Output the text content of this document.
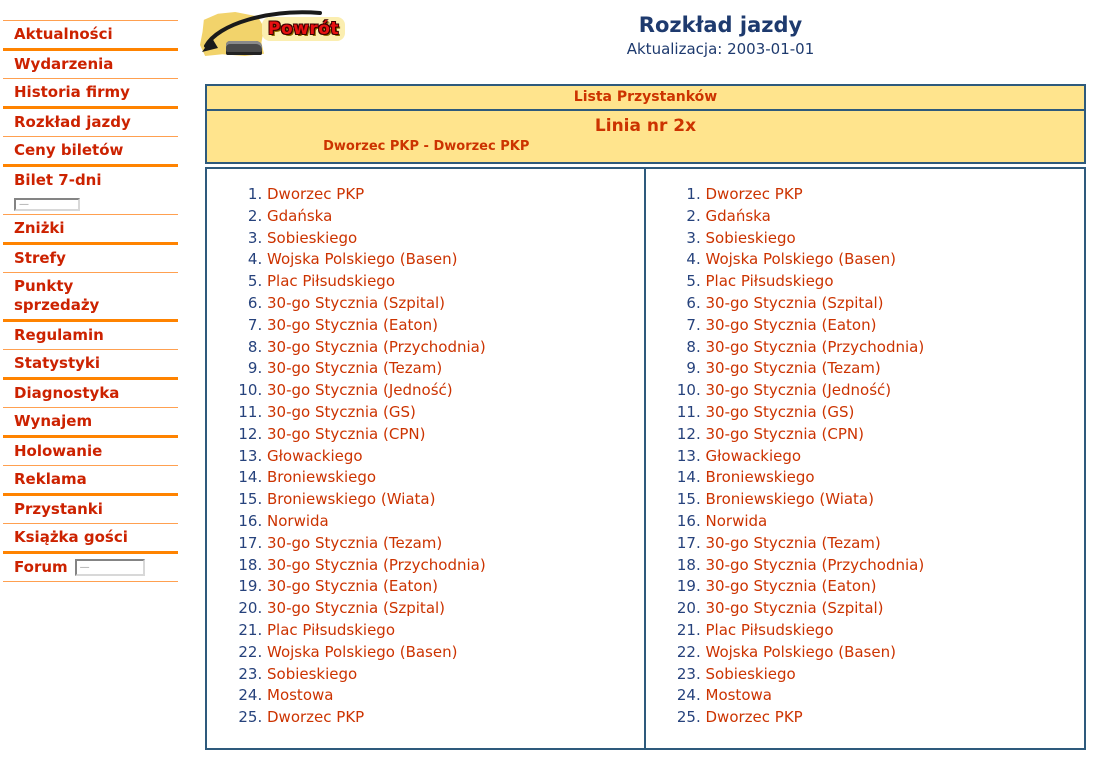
Aktualności
Wydarzenia
Historia firmy
Rozkład jazdy
Ceny biletów
Bilet 7-dni
—
Zniżki
Strefy
Punkty
sprzedaży
Regulamin
Statystyki
Diagnostyka
Wynajem
Holowanie
Reklama
Przystanki
Książka gości
Forum
—
Powrót	Rozkład jazdy
Aktualizacja: 2003-01-01
Lista Przystanków
Linia nr 2x
Dworzec PKP - Dworzec PKP
1. Dworzec PKP
2. Gdańska
3. Sobieskiego
4. Wojska Polskiego (Basen)
5. Plac Piłsudskiego
6. 30-go Stycznia (Szpital)
7. 30-go Stycznia (Eaton)
8. 30-go Stycznia (Przychodnia)
9. 30-go Stycznia (Tezam)
10. 30-go Stycznia (Jedność)
11. 30-go Stycznia (GS)
12. 30-go Stycznia (CPN)
13. Głowackiego
14. Broniewskiego
15. Broniewskiego (Wiata)
16. Norwida
17. 30-go Stycznia (Tezam)
18. 30-go Stycznia (Przychodnia)
19. 30-go Stycznia (Eaton)
20. 30-go Stycznia (Szpital)
21. Plac Piłsudskiego
22. Wojska Polskiego (Basen)
23. Sobieskiego
24. Mostowa
25. Dworzec PKP
1. Dworzec PKP
2. Gdańska
3. Sobieskiego
4. Wojska Polskiego (Basen)
5. Plac Piłsudskiego
6. 30-go Stycznia (Szpital)
7. 30-go Stycznia (Eaton)
8. 30-go Stycznia (Przychodnia)
9. 30-go Stycznia (Tezam)
10. 30-go Stycznia (Jedność)
11. 30-go Stycznia (GS)
12. 30-go Stycznia (CPN)
13. Głowackiego
14. Broniewskiego
15. Broniewskiego (Wiata)
16. Norwida
17. 30-go Stycznia (Tezam)
18. 30-go Stycznia (Przychodnia)
19. 30-go Stycznia (Eaton)
20. 30-go Stycznia (Szpital)
21. Plac Piłsudskiego
22. Wojska Polskiego (Basen)
23. Sobieskiego
24. Mostowa
25. Dworzec PKP
